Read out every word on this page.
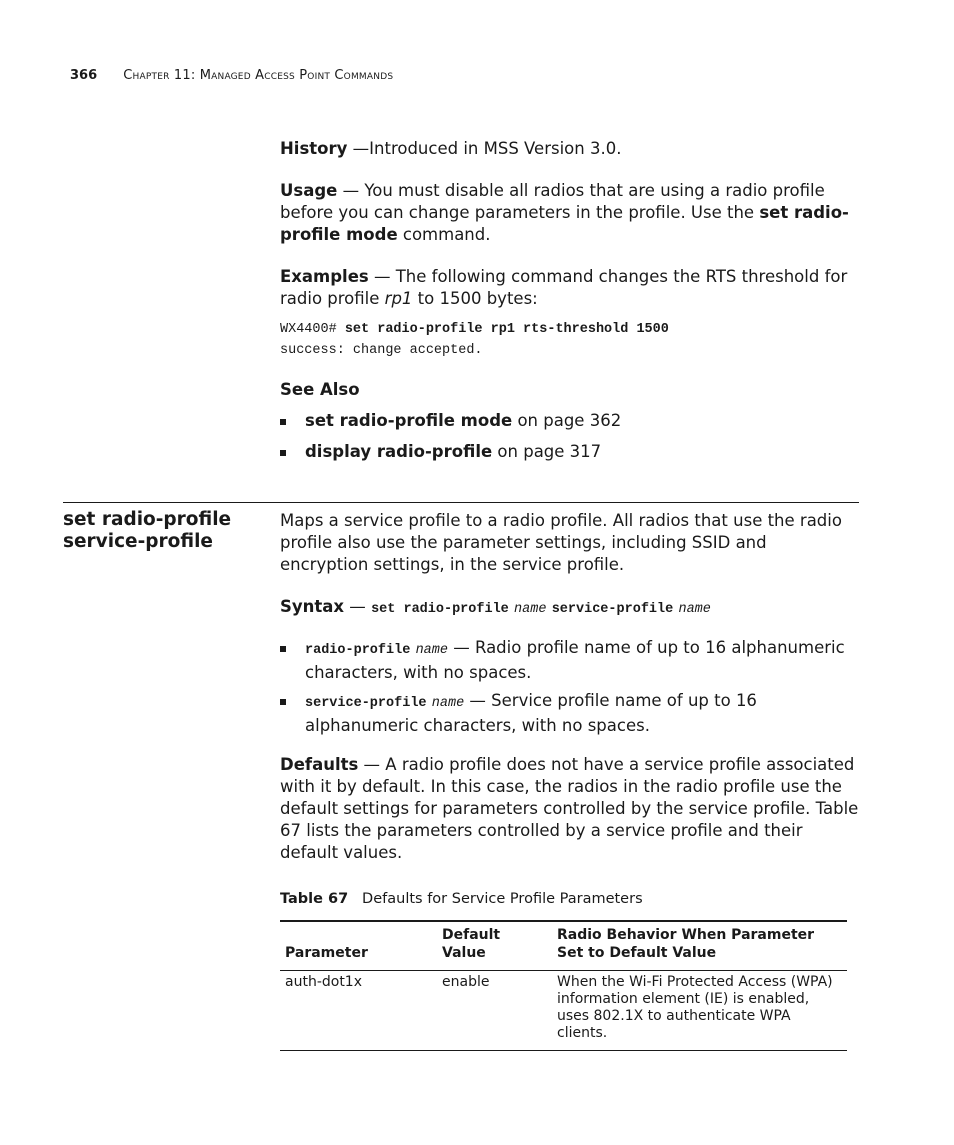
366 Chapter 11: Managed Access Point Commands
History —Introduced in MSS Version 3.0.
Usage — You must disable all radios that are using a radio profile before you can change parameters in the profile. Use the set radio-profile mode command.
Examples — The following command changes the RTS threshold for radio profile rp1 to 1500 bytes:
WX4400# set radio-profile rp1 rts-threshold 1500
success: change accepted.
See Also
set radio-profile mode on page 362
display radio-profile on page 317
set radio-profile
service-profile
Maps a service profile to a radio profile. All radios that use the radio profile also use the parameter settings, including SSID and encryption settings, in the service profile.
Syntax — set radio-profile name service-profile name
radio-profile name — Radio profile name of up to 16 alphanumeric characters, with no spaces.
service-profile name — Service profile name of up to 16 alphanumeric characters, with no spaces.
Defaults — A radio profile does not have a service profile associated with it by default. In this case, the radios in the radio profile use the default settings for parameters controlled by the service profile. Table 67 lists the parameters controlled by a service profile and their default values.
Table 67 Defaults for Service Profile Parameters
Parameter	Default Value	Radio Behavior When Parameter Set to Default Value
auth-dot1x	enable	When the Wi-Fi Protected Access (WPA) information element (IE) is enabled, uses 802.1X to authenticate WPA clients.
